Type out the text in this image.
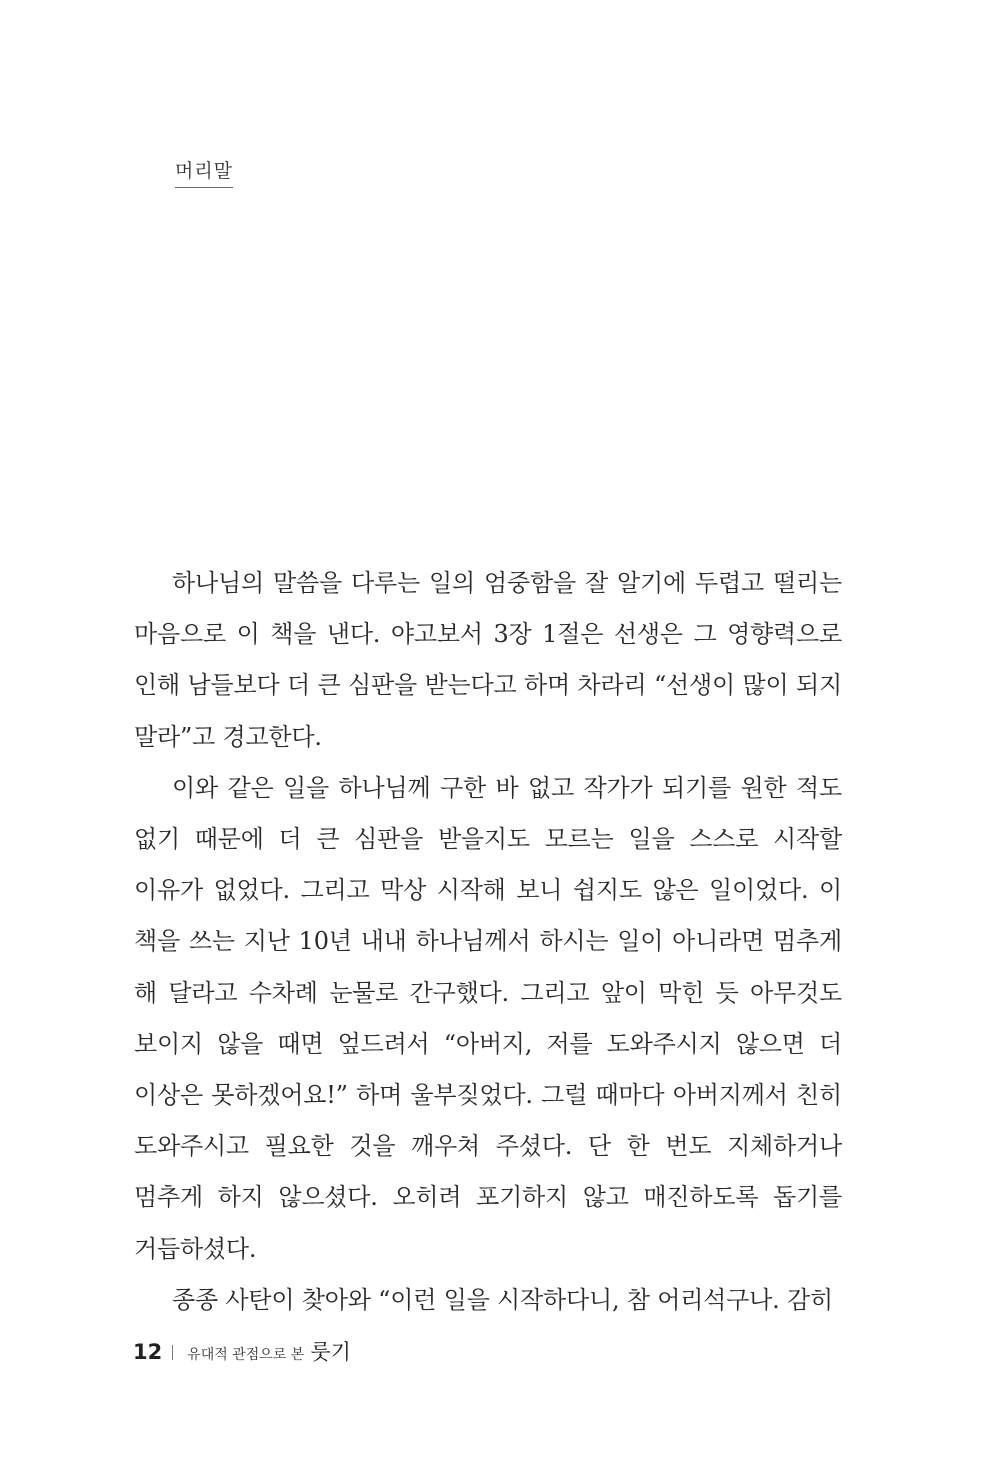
머리말

하나님의 말씀을 다루는 일의 엄중함을 잘 알기에 두렵고 떨리는 마음으로 이 책을 낸다. 야고보서 3장 1절은 선생은 그 영향력으로 인해 남들보다 더 큰 심판을 받는다고 하며 차라리 “선생이 많이 되지 말라”고 경고한다.

이와 같은 일을 하나님께 구한 바 없고 작가가 되기를 원한 적도 없기 때문에 더 큰 심판을 받을지도 모르는 일을 스스로 시작할 이유가 없었다. 그리고 막상 시작해 보니 쉽지도 않은 일이었다. 이 책을 쓰는 지난 10년 내내 하나님께서 하시는 일이 아니라면 멈추게 해 달라고 수차례 눈물로 간구했다. 그리고 앞이 막힌 듯 아무것도 보이지 않을 때면 엎드려서 “아버지, 저를 도와주시지 않으면 더 이상은 못하겠어요!” 하며 울부짖었다. 그럴 때마다 아버지께서 친히 도와주시고 필요한 것을 깨우쳐 주셨다. 단 한 번도 지체하거나 멈추게 하지 않으셨다. 오히려 포기하지 않고 매진하도록 돕기를 거듭하셨다.

종종 사탄이 찾아와 “이런 일을 시작하다니, 참 어리석구나. 감히

12 유대적 관점으로 본 룻기
